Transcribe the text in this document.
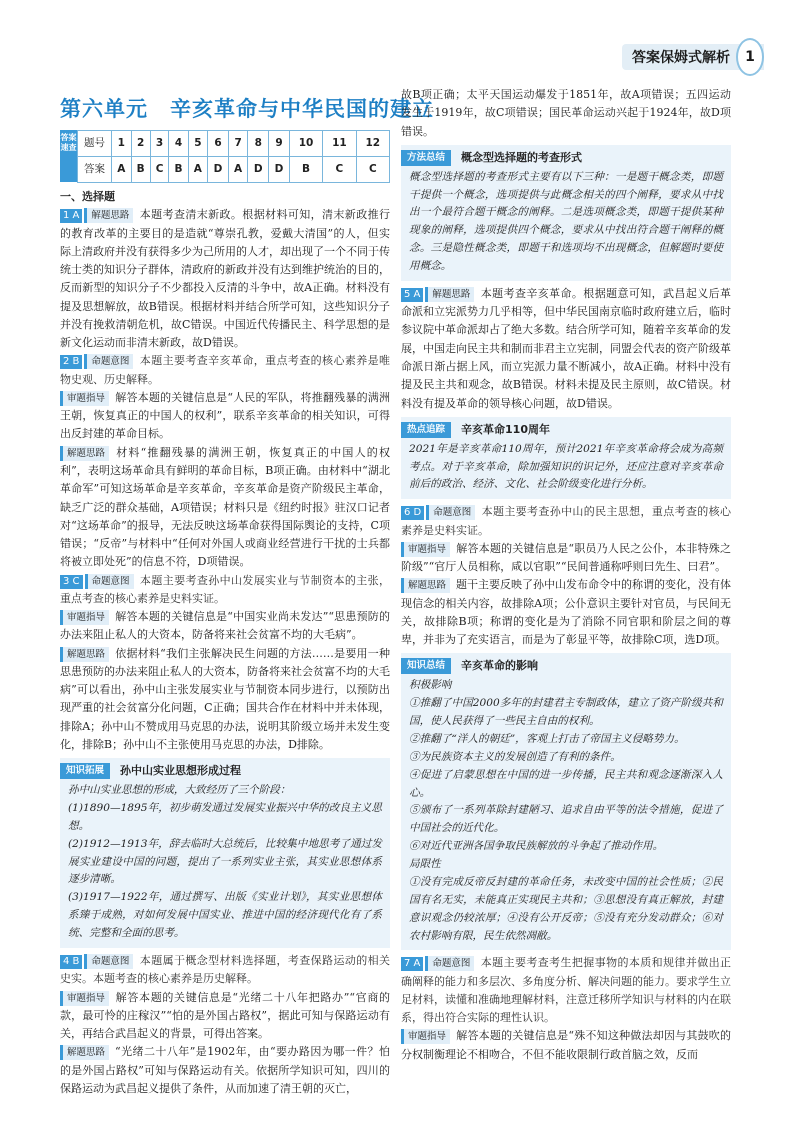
答案保姆式解析	1
第六单元　辛亥革命与中华民国的建立
答案速查 题号	1	2	3	4	5	6	7	8	9	10	11	12
答案	A	B	C	B	A	D	A	D	D	B	C	C
一、选择题

1 A 解题思路 本题考查清末新政。根据材料可知，清末新政推行的教育改革的主要目的是造就“尊崇孔教，爱戴大清国”的人，但实际上清政府并没有获得多少为己所用的人才，却出现了一个不同于传统士类的知识分子群体，清政府的新政并没有达到维护统治的目的，反而新型的知识分子不少都投入反清的斗争中，故A正确。材料没有提及思想解放，故B错误。根据材料并结合所学可知，这些知识分子并没有挽救清朝危机，故C错误。中国近代传播民主、科学思想的是新文化运动而非清末新政，故D错误。

2 B 命题意图 本题主要考查辛亥革命，重点考查的核心素养是唯物史观、历史解释。

审题指导 解答本题的关键信息是“人民的军队，将推翻残暴的满洲王朝，恢复真正的中国人的权利”，联系辛亥革命的相关知识，可得出反封建的革命目标。

解题思路 材料“推翻残暴的满洲王朝，恢复真正的中国人的权利”，表明这场革命具有鲜明的革命目标，B项正确。由材料中“湖北革命军”可知这场革命是辛亥革命，辛亥革命是资产阶级民主革命，缺乏广泛的群众基础，A项错误；材料只是《纽约时报》驻汉口记者对“这场革命”的报导，无法反映这场革命获得国际舆论的支持，C项错误；“反帝”与材料中“任何对外国人或商业经营进行干扰的士兵都将被立即处死”的信息不符，D项错误。

3 C 命题意图 本题主要考查孙中山发展实业与节制资本的主张，重点考查的核心素养是史料实证。

审题指导 解答本题的关键信息是“中国实业尚未发达”“思患预防的办法来阻止私人的大资本，防备将来社会贫富不均的大毛病”。

解题思路 依据材料“我们主张解决民生问题的方法……是要用一种思患预防的办法来阻止私人的大资本，防备将来社会贫富不均的大毛病”可以看出，孙中山主张发展实业与节制资本同步进行，以预防出现严重的社会贫富分化问题，C正确；国共合作在材料中并未体现，排除A；孙中山不赞成用马克思的办法，说明其阶级立场并未发生变化，排除B；孙中山不主张使用马克思的办法，D排除。

知识拓展	孙中山实业思想形成过程

孙中山实业思想的形成，大致经历了三个阶段：

(1)1890—1895年，初步萌发通过发展实业振兴中华的改良主义思想。

(2)1912—1913年，辞去临时大总统后，比较集中地思考了通过发展实业建设中国的问题，提出了一系列实业主张，其实业思想体系逐步清晰。

(3)1917—1922年，通过撰写、出版《实业计划》，其实业思想体系臻于成熟，对如何发展中国实业、推进中国的经济现代化有了系统、完整和全面的思考。

4 B 命题意图 本题属于概念型材料选择题，考查保路运动的相关史实。本题考查的核心素养是历史解释。

审题指导 解答本题的关键信息是“光绪二十八年把路办”“官商的款，最可怜的庄稼汉”“怕的是外国占路权”，据此可知与保路运动有关，再结合武昌起义的背景，可得出答案。

解题思路 “光绪二十八年”是1902年，由“要办路因为哪一件？怕的是外国占路权”可知与保路运动有关。依据所学知识可知，四川的保路运动为武昌起义提供了条件，从而加速了清王朝的灭亡，

故B项正确；太平天国运动爆发于1851年，故A项错误；五四运动发生于1919年，故C项错误；国民革命运动兴起于1924年，故D项错误。

方法总结	概念型选择题的考查形式

概念型选择题的考查形式主要有以下三种：一是题干概念类，即题干提供一个概念，选项提供与此概念相关的四个阐释，要求从中找出一个最符合题干概念的阐释。二是选项概念类，即题干提供某种现象的阐释，选项提供四个概念，要求从中找出符合题干阐释的概念。三是隐性概念类，即题干和选项均不出现概念，但解题时要使用概念。

5 A 解题思路 本题考查辛亥革命。根据题意可知，武昌起义后革命派和立宪派势力几乎相等，但中华民国南京临时政府建立后，临时参议院中革命派却占了绝大多数。结合所学可知，随着辛亥革命的发展，中国走向民主共和制而非君主立宪制，同盟会代表的资产阶级革命派日渐占据上风，而立宪派力量不断减小，故A正确。材料中没有提及民主共和观念，故B错误。材料未提及民主原则，故C错误。材料没有提及革命的领导核心问题，故D错误。

热点追踪	辛亥革命110周年

2021年是辛亥革命110周年，预计2021年辛亥革命将会成为高频考点。对于辛亥革命，除加强知识的识记外，还应注意对辛亥革命前后的政治、经济、文化、社会阶级变化进行分析。

6 D 命题意图 本题主要考查孙中山的民主思想，重点考查的核心素养是史料实证。

审题指导 解答本题的关键信息是“职员乃人民之公仆，本非特殊之阶级”“官厅人员相称，咸以官职”“民间普通称呼则曰先生、曰君”。

解题思路 题干主要反映了孙中山发布命令中的称谓的变化，没有体现信念的相关内容，故排除A项；公仆意识主要针对官员，与民间无关，故排除B项；称谓的变化是为了消除不同官职和阶层之间的尊卑，并非为了充实语言，而是为了彰显平等，故排除C项，选D项。

知识总结	辛亥革命的影响

积极影响

①推翻了中国2000多年的封建君主专制政体，建立了资产阶级共和国，使人民获得了一些民主自由的权利。

②推翻了“洋人的朝廷”，客观上打击了帝国主义侵略势力。

③为民族资本主义的发展创造了有利的条件。

④促进了启蒙思想在中国的进一步传播，民主共和观念逐渐深入人心。

⑤颁布了一系列革除封建陋习、追求自由平等的法令措施，促进了中国社会的近代化。

⑥对近代亚洲各国争取民族解放的斗争起了推动作用。

局限性

①没有完成反帝反封建的革命任务，未改变中国的社会性质；②民国有名无实，未能真正实现民主共和；③思想没有真正解放，封建意识观念仍较浓厚；④没有公开反帝；⑤没有充分发动群众；⑥对农村影响有限，民生依然凋敝。

7 A 命题意图 本题主要考查考生把握事物的本质和规律并做出正确阐释的能力和多层次、多角度分析、解决问题的能力。要求学生立足材料，读懂和准确地理解材料，注意迁移所学知识与材料的内在联系，得出符合实际的理性认识。

审题指导 解答本题的关键信息是“殊不知这种做法却因与其鼓吹的分权制衡理论不相吻合，不但不能收限制行政首脑之效，反而
